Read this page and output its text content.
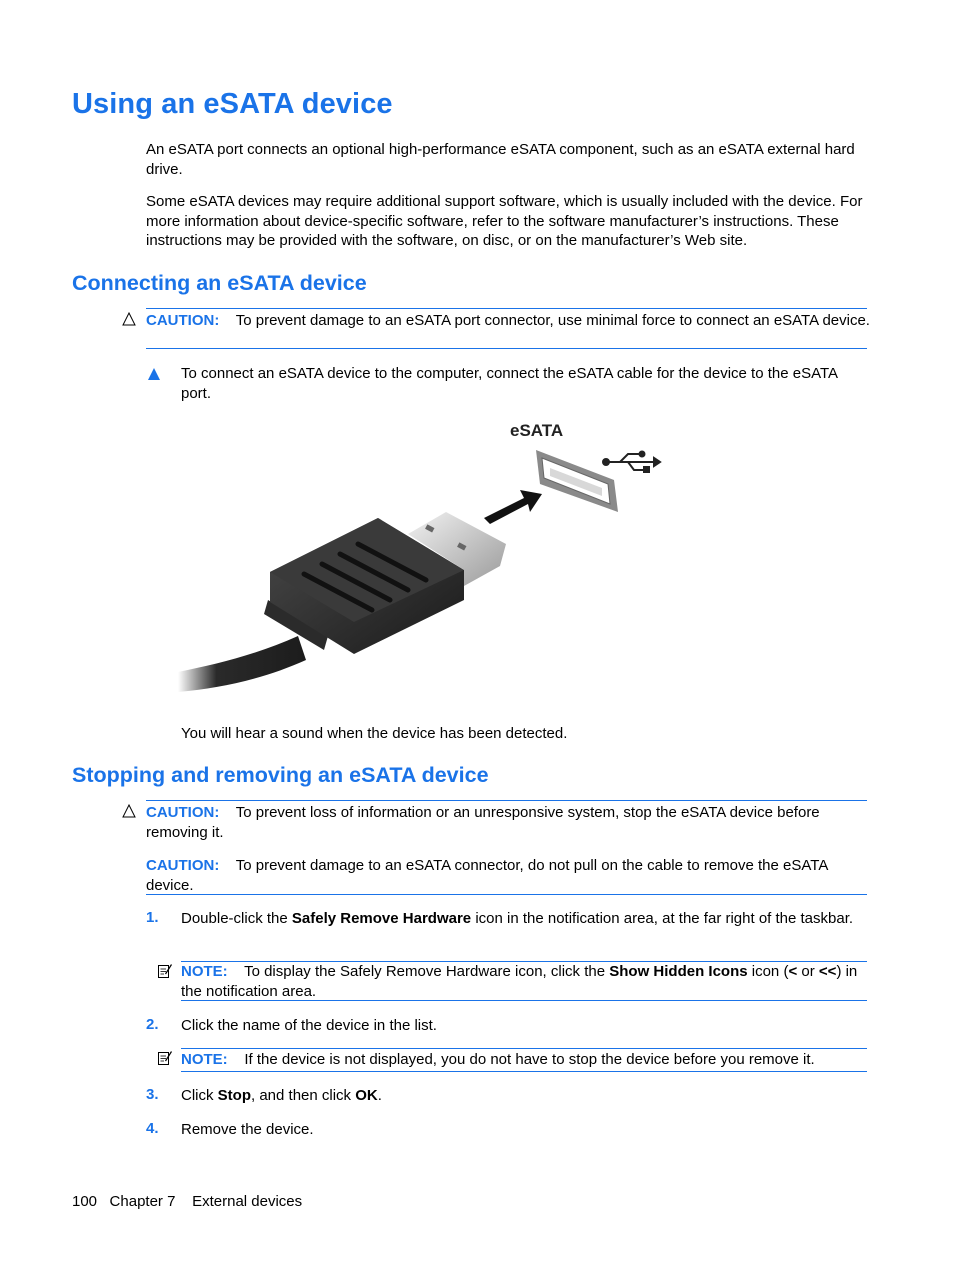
Using an eSATA device

An eSATA port connects an optional high-performance eSATA component, such as an eSATA external hard drive.

Some eSATA devices may require additional support software, which is usually included with the device. For more information about device-specific software, refer to the software manufacturer’s instructions. These instructions may be provided with the software, on disc, or on the manufacturer’s Web site.

Connecting an eSATA device

CAUTION: To prevent damage to an eSATA port connector, use minimal force to connect an eSATA device.

To connect an eSATA device to the computer, connect the eSATA cable for the device to the eSATA port.

eSATA

You will hear a sound when the device has been detected.

Stopping and removing an eSATA device

CAUTION: To prevent loss of information or an unresponsive system, stop the eSATA device before removing it.

CAUTION: To prevent damage to an eSATA connector, do not pull on the cable to remove the eSATA device.

1. Double-click the Safely Remove Hardware icon in the notification area, at the far right of the taskbar.

NOTE: To display the Safely Remove Hardware icon, click the Show Hidden Icons icon (< or <<) in the notification area.

2. Click the name of the device in the list.

NOTE: If the device is not displayed, you do not have to stop the device before you remove it.

3. Click Stop, and then click OK.

4. Remove the device.

100 Chapter 7 External devices
